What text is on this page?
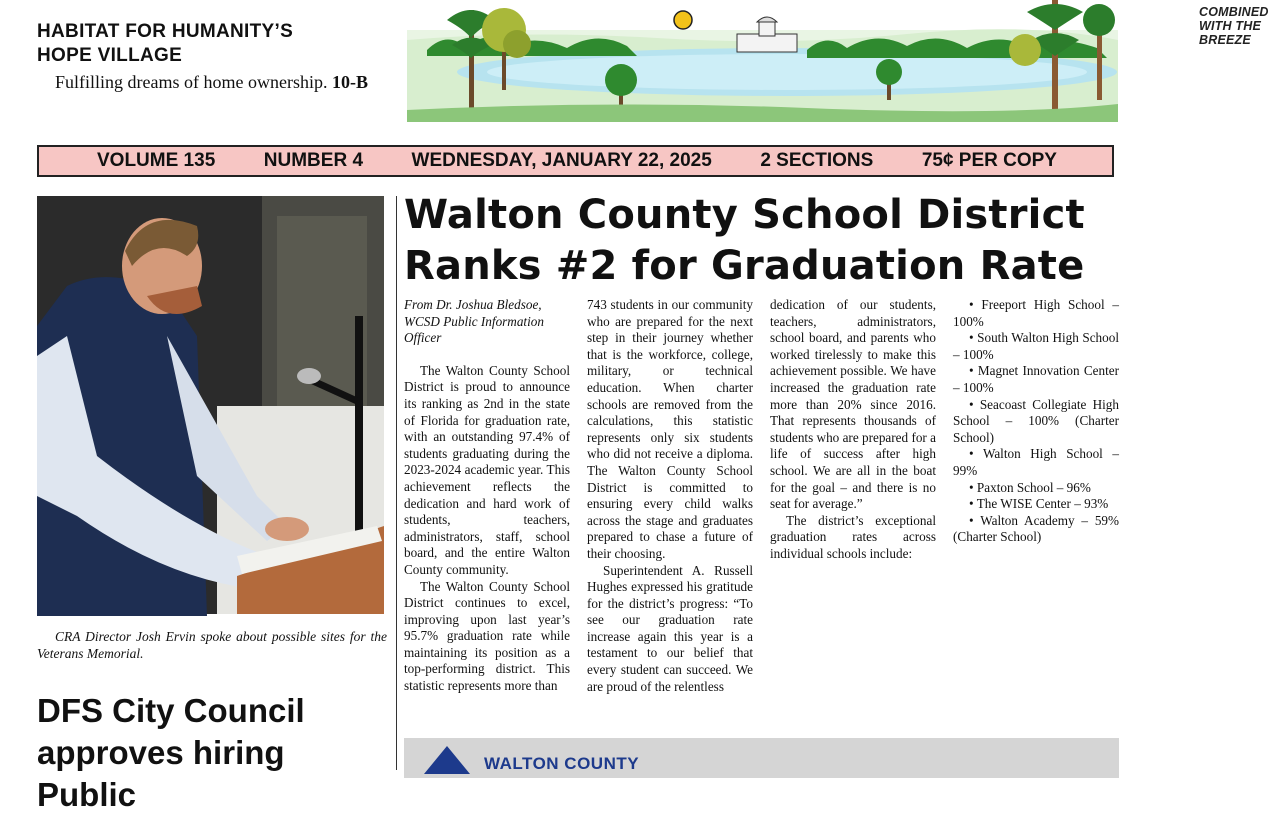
HABITAT FOR HUMANITY’S
HOPE VILLAGE
Fulfilling dreams of home ownership. 10-B
COMBINED WITH THE BREEZE
VOLUME 135	NUMBER 4	WEDNESDAY, JANUARY 22, 2025	2 SECTIONS	75¢ PER COPY
CRA Director Josh Ervin spoke about possible sites for the Veterans Memorial.
DFS City Council approves hiring Public
Walton County School District Ranks #2 for Graduation Rate

From Dr. Joshua Bledsoe, WCSD Public Information Officer

The Walton County School District is proud to announce its ranking as 2nd in the state of Florida for graduation rate, with an outstanding 97.4% of students graduating during the 2023-2024 academic year. This achievement reflects the dedication and hard work of students, teachers, administrators, staff, school board, and the entire Walton County community.

The Walton County School District continues to excel, improving upon last year’s 95.7% graduation rate while maintaining its position as a top-performing district. This statistic represents more than

743 students in our community who are prepared for the next step in their journey whether that is the workforce, college, military, or technical education. When charter schools are removed from the calculations, this statistic represents only six students who did not receive a diploma. The Walton County School District is committed to ensuring every child walks across the stage and graduates prepared to chase a future of their choosing.

Superintendent A. Russell Hughes expressed his gratitude for the district’s progress: “To see our graduation rate increase again this year is a testament to our belief that every student can succeed. We are proud of the relentless

dedication of our students, teachers, administrators, school board, and parents who worked tirelessly to make this achievement possible. We have increased the graduation rate more than 20% since 2016. That represents thousands of students who are prepared for a life of success after high school. We are all in the boat for the goal – and there is no seat for average.”

The district’s exceptional graduation rates across individual schools include:

• Freeport High School – 100%

• South Walton High School – 100%

• Magnet Innovation Center – 100%

• Seacoast Collegiate High School – 100% (Charter School)

• Walton High School – 99%

• Paxton School – 96%

• The WISE Center – 93%

• Walton Academy – 59% (Charter School)

WALTON COUNTY
